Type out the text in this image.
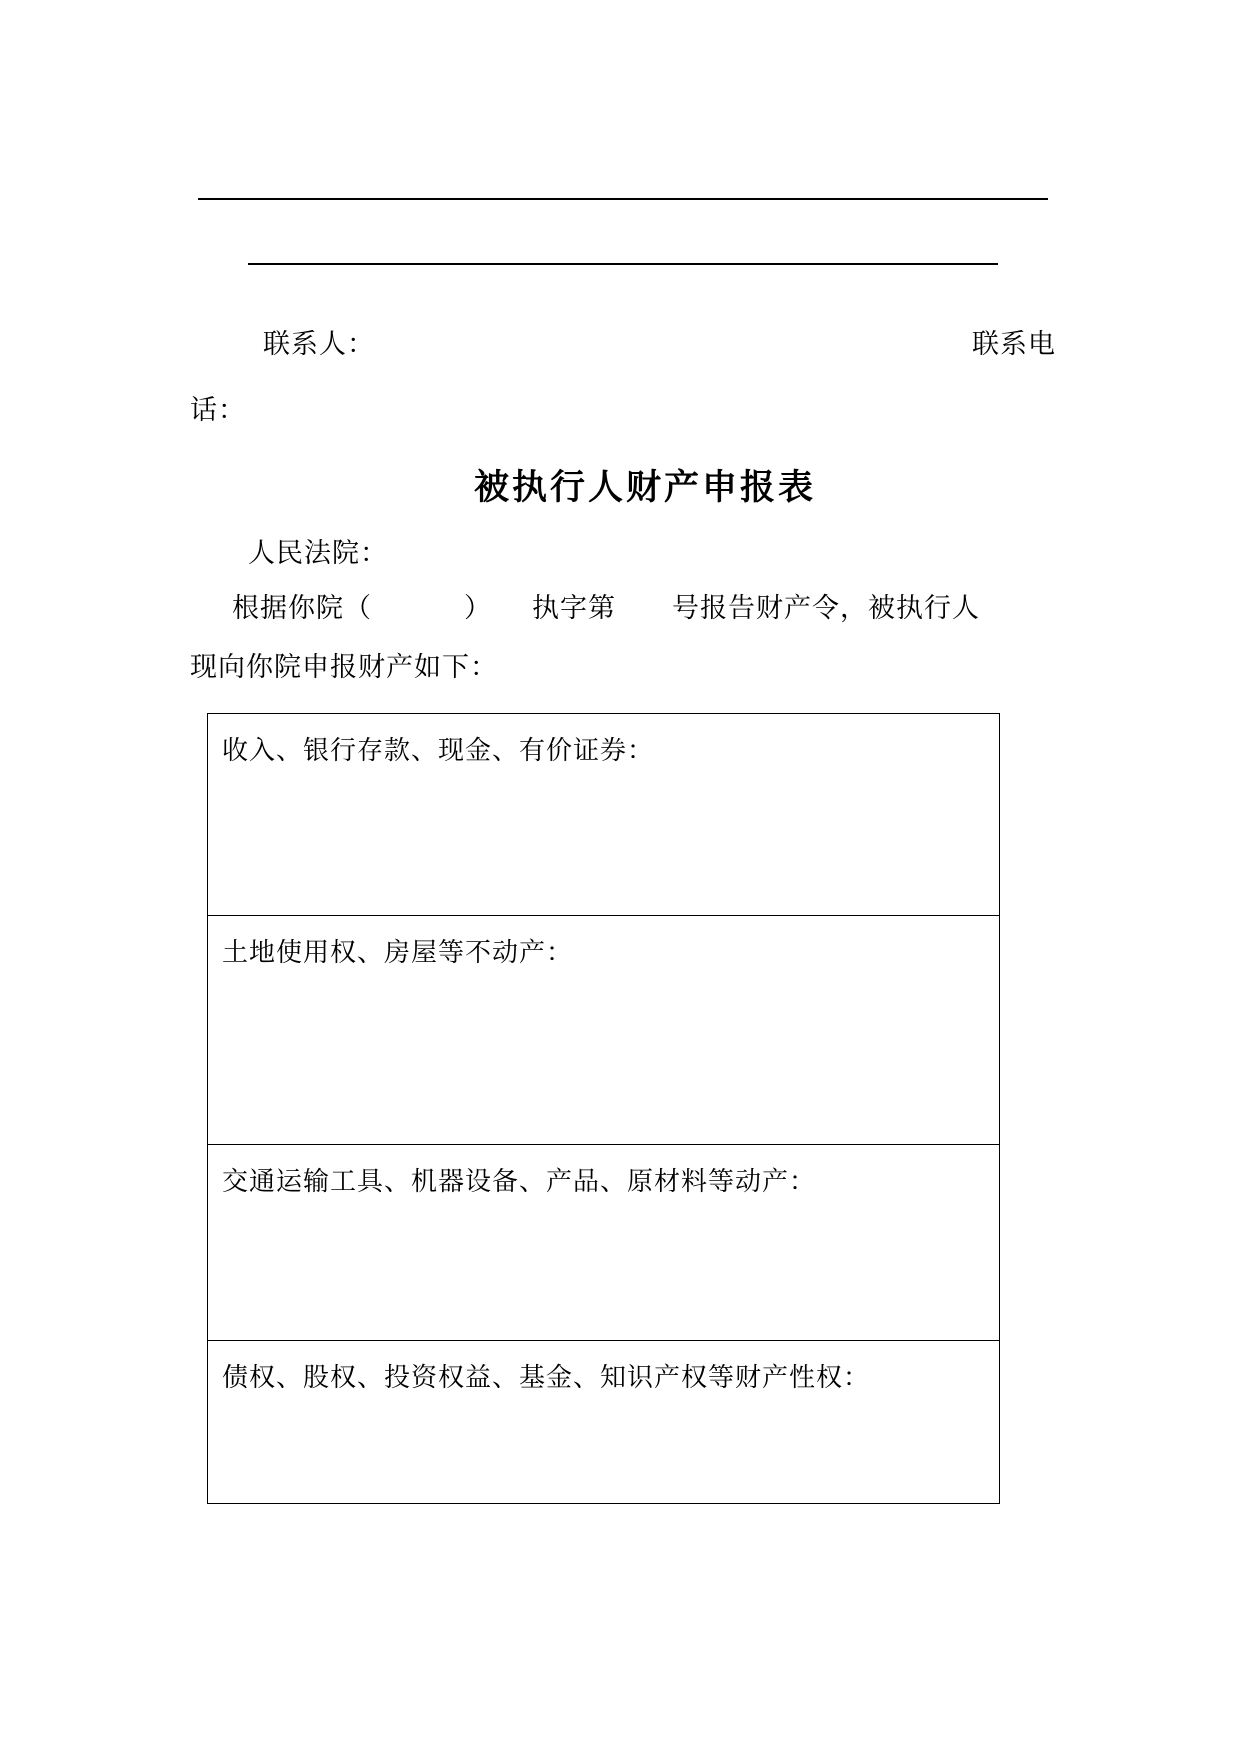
联系人：	联系电
话：
被执行人财产申报表
人民法院：
根据你院（	） 执字第 号报告财产令，被执行人
现向你院申报财产如下：
收入、银行存款、现金、有价证券：
土地使用权、房屋等不动产：
交通运输工具、机器设备、产品、原材料等动产：
债权、股权、投资权益、基金、知识产权等财产性权：
